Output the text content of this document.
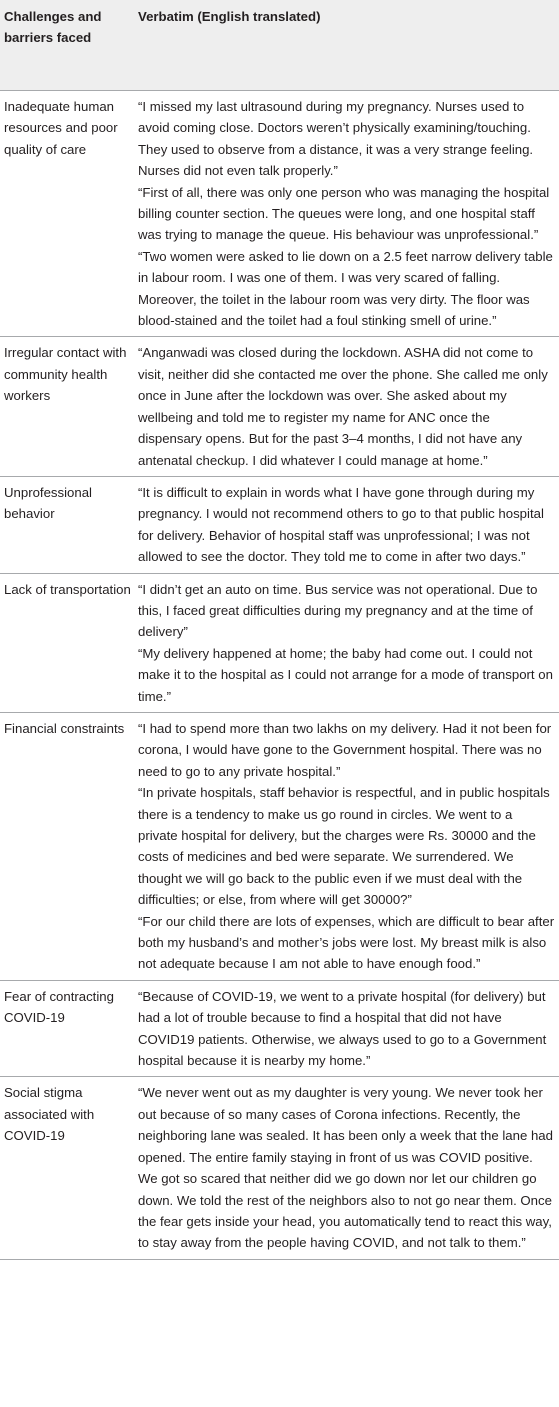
Challenges and barriers faced
Verbatim (English translated)
Inadequate human resources and poor quality of care

“I missed my last ultrasound during my pregnancy. Nurses used to avoid coming close. Doctors weren’t physically examining/touching. They used to observe from a distance, it was a very strange feeling. Nurses did not even talk properly.”

“First of all, there was only one person who was managing the hospital billing counter section. The queues were long, and one hospital staff was trying to manage the queue. His behaviour was unprofessional.”

“Two women were asked to lie down on a 2.5 feet narrow delivery table in labour room. I was one of them. I was very scared of falling. Moreover, the toilet in the labour room was very dirty. The floor was blood-stained and the toilet had a foul stinking smell of urine.”

Irregular contact with community health workers

“Anganwadi was closed during the lockdown. ASHA did not come to visit, neither did she contacted me over the phone. She called me only once in June after the lockdown was over. She asked about my wellbeing and told me to register my name for ANC once the dispensary opens. But for the past 3–4 months, I did not have any antenatal checkup. I did whatever I could manage at home.”

Unprofessional behavior

“It is difficult to explain in words what I have gone through during my pregnancy. I would not recommend others to go to that public hospital for delivery. Behavior of hospital staff was unprofessional; I was not allowed to see the doctor. They told me to come in after two days.”

Lack of transportation “I didn’t get an auto on time. Bus service was not operational. Due to this, I faced great difficulties during my pregnancy and at the time of delivery”

“My delivery happened at home; the baby had come out. I could not make it to the hospital as I could not arrange for a mode of transport on time.”

Financial constraints	“I had to spend more than two lakhs on my delivery. Had it not been for corona, I would have gone to the Government hospital. There was no need to go to any private hospital.”

“In private hospitals, staff behavior is respectful, and in public hospitals there is a tendency to make us go round in circles. We went to a private hospital for delivery, but the charges were Rs. 30000 and the costs of medicines and bed were separate. We surrendered. We thought we will go back to the public even if we must deal with the difficulties; or else, from where will get 30000?”

“For our child there are lots of expenses, which are difficult to bear after both my husband’s and mother’s jobs were lost. My breast milk is also not adequate because I am not able to have enough food.”

Fear of contracting COVID-19

“Because of COVID-19, we went to a private hospital (for delivery) but had a lot of trouble because to find a hospital that did not have COVID19 patients. Otherwise, we always used to go to a Government hospital because it is nearby my home.”

Social stigma associated with COVID-19

“We never went out as my daughter is very young. We never took her out because of so many cases of Corona infections. Recently, the neighboring lane was sealed. It has been only a week that the lane had opened. The entire family staying in front of us was COVID positive. We got so scared that neither did we go down nor let our children go down. We told the rest of the neighbors also to not go near them. Once the fear gets inside your head, you automatically tend to react this way, to stay away from the people having COVID, and not talk to them.”
